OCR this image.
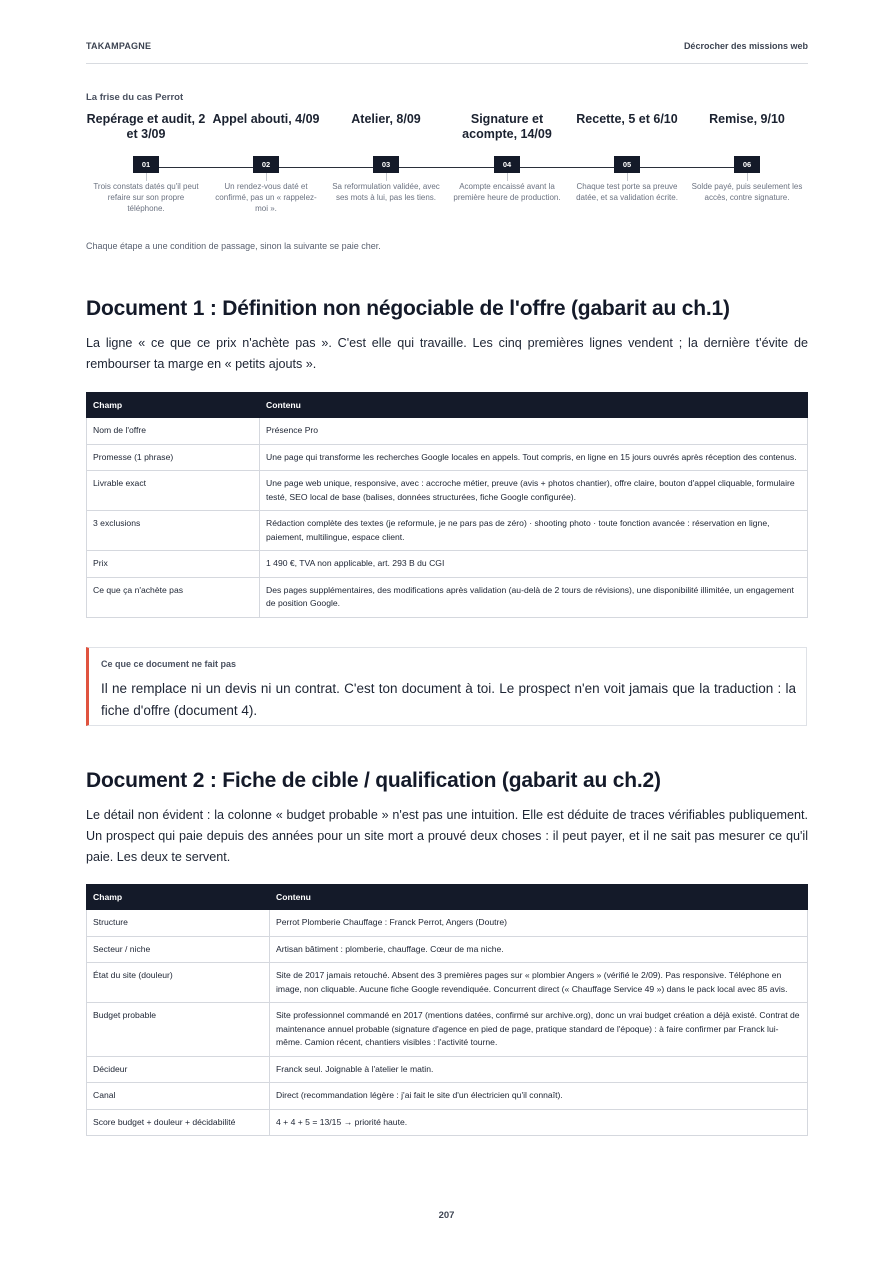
TAKAMPAGNE	Décrocher des missions web
La frise du cas Perrot
Repérage et audit, 2 et 3/09
01
Trois constats datés qu'il peut refaire sur son propre téléphone.
Appel abouti, 4/09
02
Un rendez-vous daté et confirmé, pas un « rappelez-moi ».
Atelier, 8/09
03
Sa reformulation validée, avec ses mots à lui, pas les tiens.
Signature et acompte, 14/09
04
Acompte encaissé avant la première heure de production.
Recette, 5 et 6/10
05
Chaque test porte sa preuve datée, et sa validation écrite.
Remise, 9/10
06
Solde payé, puis seulement les accès, contre signature.
Chaque étape a une condition de passage, sinon la suivante se paie cher.
Document 1 : Définition non négociable de l'offre (gabarit au ch.1)

La ligne « ce que ce prix n'achète pas ». C'est elle qui travaille. Les cinq premières lignes vendent ; la dernière t'évite de rembourser ta marge en « petits ajouts ».

Champ	Contenu
Nom de l'offre	Présence Pro
Promesse (1 phrase)	Une page qui transforme les recherches Google locales en appels. Tout compris, en ligne en 15 jours ouvrés après réception des contenus.
Livrable exact	Une page web unique, responsive, avec : accroche métier, preuve (avis + photos chantier), offre claire, bouton d'appel cliquable, formulaire testé, SEO local de base (balises, données structurées, fiche Google configurée).
3 exclusions	Rédaction complète des textes (je reformule, je ne pars pas de zéro) · shooting photo · toute fonction avancée : réservation en ligne, paiement, multilingue, espace client.
Prix	1 490 €, TVA non applicable, art. 293 B du CGI
Ce que ça n'achète pas	Des pages supplémentaires, des modifications après validation (au-delà de 2 tours de révisions), une disponibilité illimitée, un engagement de position Google.
Ce que ce document ne fait pas
Il ne remplace ni un devis ni un contrat. C'est ton document à toi. Le prospect n'en voit jamais que la traduction : la fiche d'offre (document 4).
Document 2 : Fiche de cible / qualification (gabarit au ch.2)

Le détail non évident : la colonne « budget probable » n'est pas une intuition. Elle est déduite de traces vérifiables publiquement. Un prospect qui paie depuis des années pour un site mort a prouvé deux choses : il peut payer, et il ne sait pas mesurer ce qu'il paie. Les deux te servent.

Champ	Contenu
Structure	Perrot Plomberie Chauffage : Franck Perrot, Angers (Doutre)
Secteur / niche	Artisan bâtiment : plomberie, chauffage. Cœur de ma niche.
État du site (douleur)	Site de 2017 jamais retouché. Absent des 3 premières pages sur « plombier Angers » (vérifié le 2/09). Pas responsive. Téléphone en image, non cliquable. Aucune fiche Google revendiquée. Concurrent direct (« Chauffage Service 49 ») dans le pack local avec 85 avis.
Budget probable	Site professionnel commandé en 2017 (mentions datées, confirmé sur archive.org), donc un vrai budget création a déjà existé. Contrat de maintenance annuel probable (signature d'agence en pied de page, pratique standard de l'époque) : à faire confirmer par Franck lui-même. Camion récent, chantiers visibles : l'activité tourne.
Décideur	Franck seul. Joignable à l'atelier le matin.
Canal	Direct (recommandation légère : j'ai fait le site d'un électricien qu'il connaît).
Score budget + douleur + décidabilité	4 + 4 + 5 = 13/15 → priorité haute.
207
